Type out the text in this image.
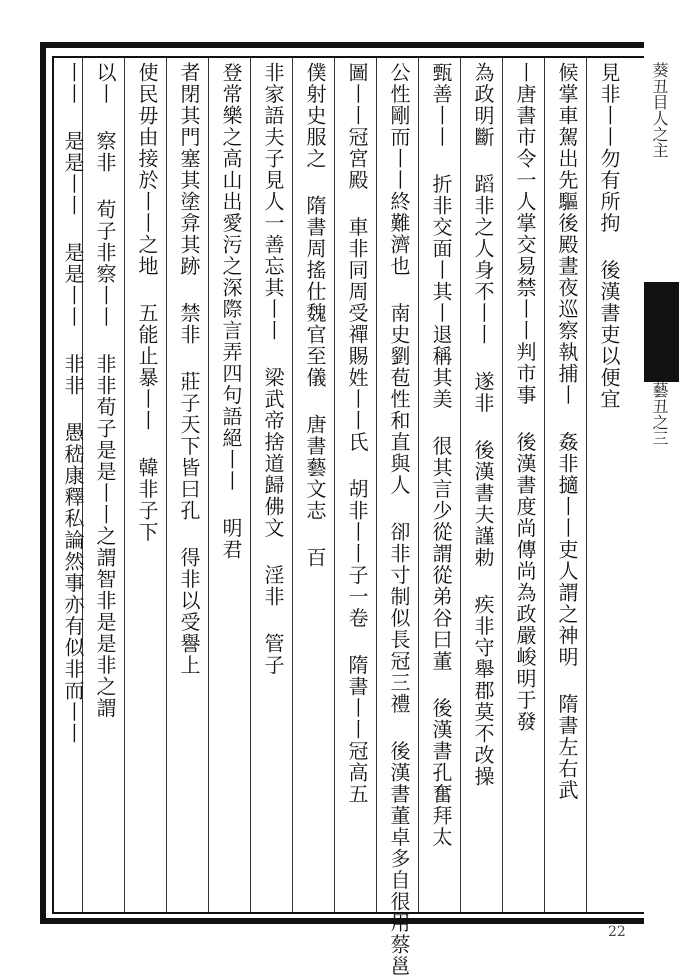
見非丨丨勿有所拘 後漢書吏以便宜
候掌車駕出先驅後殿晝夜巡察執捕丨 姦非擿丨丨吏人謂之神明 隋書左右武
丨唐書市令一人掌交易禁丨丨判市事 後漢書度尚傳尚為政嚴峻明于發
為政明斷 蹈非之人身不丨丨 遂非 後漢書夫謹勅 疾非守舉郡莫不改操
甄善丨丨 折非交面丨其丨退稱其美 很其言少從謂從弟谷曰董 後漢書孔奮拜太
公性剛而丨丨終難濟也 南史劉苞性和直與人 卻非寸制似長冠三禮 後漢書董卓多自很用蔡邕
圖丨丨冠宮殿 車非同周受禪賜姓丨丨氏 胡非丨丨子一卷 隋書丨丨冠高五
僕射史服之 隋書周搖仕魏官至儀 唐書藝文志 百
非家語夫子見人一善忘其丨丨 梁武帝捨道歸佛文 淫非 管子
登常樂之高山出愛污之深際言弄四句語絕丨丨 明君
者閉其門塞其塗弇其跡 禁非 莊子天下皆曰孔 得非以受譽上
使民毋由接於丨丨之地 五能止暴丨丨 韓非子下
以丨 察非 荀子非察丨丨 非非荀子是是丨丨之謂智非是是非之謂
丨丨 是是丨丨 是是丨丨 非非 愚嵇康釋私論然事亦有似非而丨丨	葵丑目人之主
藝丑之三
22
